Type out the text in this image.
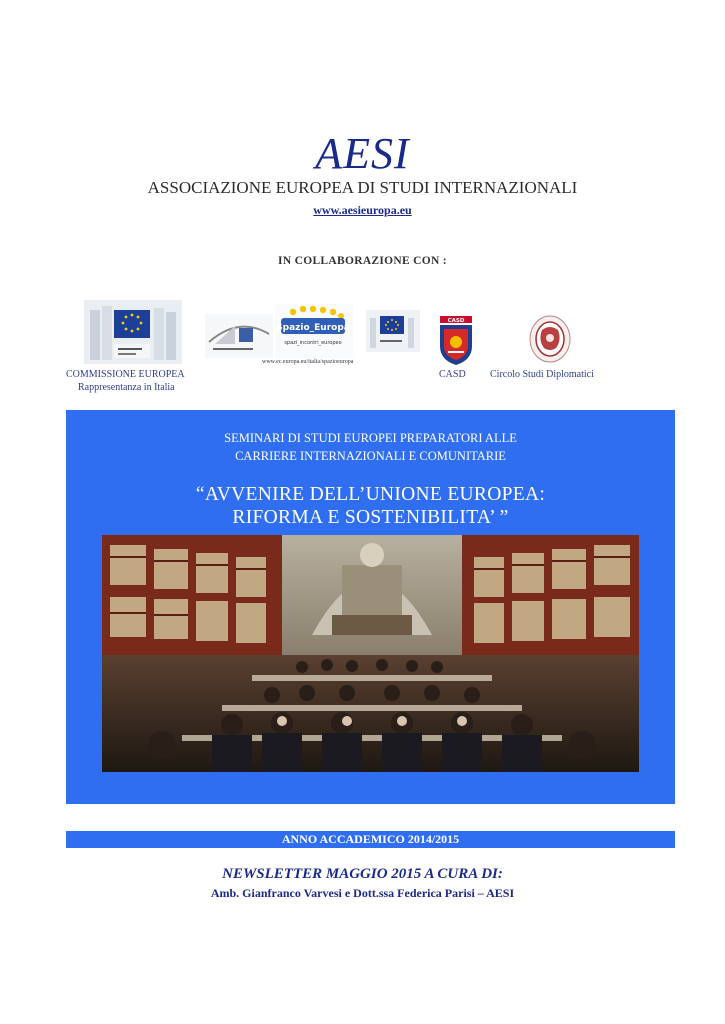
AESI
ASSOCIAZIONE EUROPEA DI STUDI INTERNAZIONALI
www.aesieuropa.eu
IN COLLABORAZIONE CON :
Spazio_Europa
spazi_incontri_europeo
www.ec.europa.eu/italia/spazioeuropa
CASD
COMMISSIONE EUROPEA
Rappresentanza in Italia
CASD Circolo Studi Diplomatici
SEMINARI DI STUDI EUROPEI PREPARATORI ALLE
CARRIERE INTERNAZIONALI E COMUNITARIE
“AVVENIRE DELL’UNIONE EUROPEA:
RIFORMA E SOSTENIBILITA’ ”
ANNO ACCADEMICO 2014/2015
NEWSLETTER MAGGIO 2015 A CURA DI:
Amb. Gianfranco Varvesi e Dott.ssa Federica Parisi – AESI
